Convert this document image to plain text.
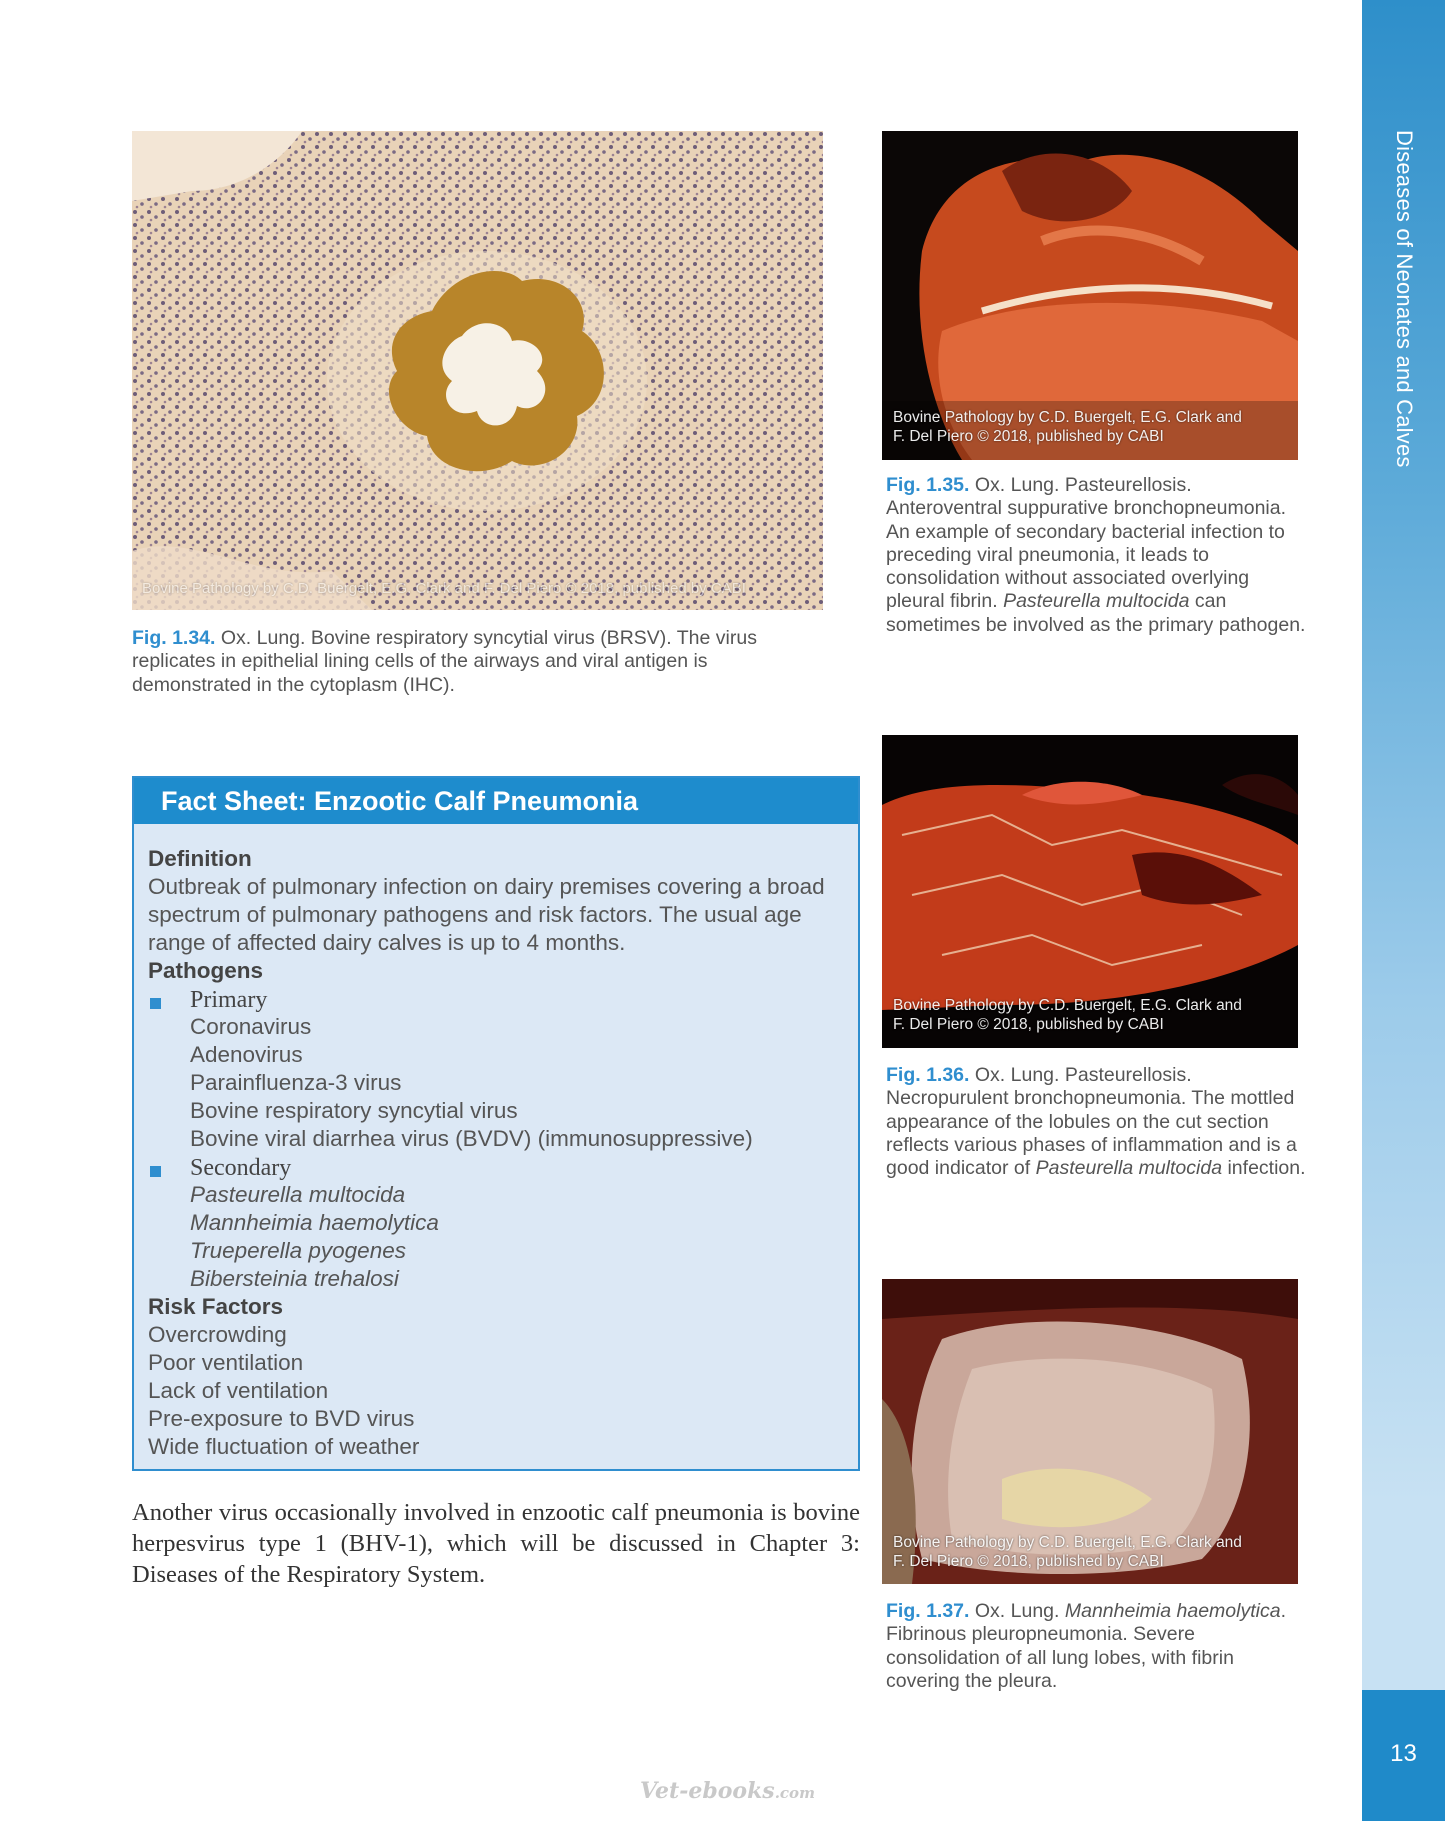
Diseases of Neonates and Calves
13
Bovine Pathology by C.D. Buergelt, E.G. Clark and F. Del Piero © 2018, published by CABI
Fig. 1.34. Ox. Lung. Bovine respiratory syncytial virus (BRSV). The virus replicates in epithelial lining cells of the airways and viral antigen is demonstrated in the cytoplasm (IHC).
Bovine Pathology by C.D. Buergelt, E.G. Clark and
F. Del Piero © 2018, published by CABI
Fig. 1.35. Ox. Lung. Pasteurellosis. Anteroventral suppurative bronchopneumonia. An example of secondary bacterial infection to preceding viral pneumonia, it leads to consolidation without associated overlying pleural fibrin. Pasteurella multocida can sometimes be involved as the primary pathogen.
Bovine Pathology by C.D. Buergelt, E.G. Clark and
F. Del Piero © 2018, published by CABI
Fig. 1.36. Ox. Lung. Pasteurellosis. Necropurulent bronchopneumonia. The mottled appearance of the lobules on the cut section reflects various phases of inflammation and is a good indicator of Pasteurella multocida infection.
Bovine Pathology by C.D. Buergelt, E.G. Clark and
F. Del Piero © 2018, published by CABI
Fig. 1.37. Ox. Lung. Mannheimia haemolytica. Fibrinous pleuropneumonia. Severe consolidation of all lung lobes, with fibrin covering the pleura.
Fact Sheet: Enzootic Calf Pneumonia
Definition
Outbreak of pulmonary infection on dairy premises covering a broad
spectrum of pulmonary pathogens and risk factors. The usual age
range of affected dairy calves is up to 4 months.
Pathogens
Primary
Coronavirus
Adenovirus
Parainfluenza-3 virus
Bovine respiratory syncytial virus
Bovine viral diarrhea virus (BVDV) (immunosuppressive)
Secondary
Pasteurella multocida
Mannheimia haemolytica
Trueperella pyogenes
Bibersteinia trehalosi
Risk Factors
Overcrowding
Poor ventilation
Lack of ventilation
Pre-exposure to BVD virus
Wide fluctuation of weather
Another virus occasionally involved in enzootic calf pneumonia is bovine herpesvirus type 1 (BHV-1), which will be discussed in Chapter 3: Diseases of the Respiratory System.
Vet-ebooks.com
